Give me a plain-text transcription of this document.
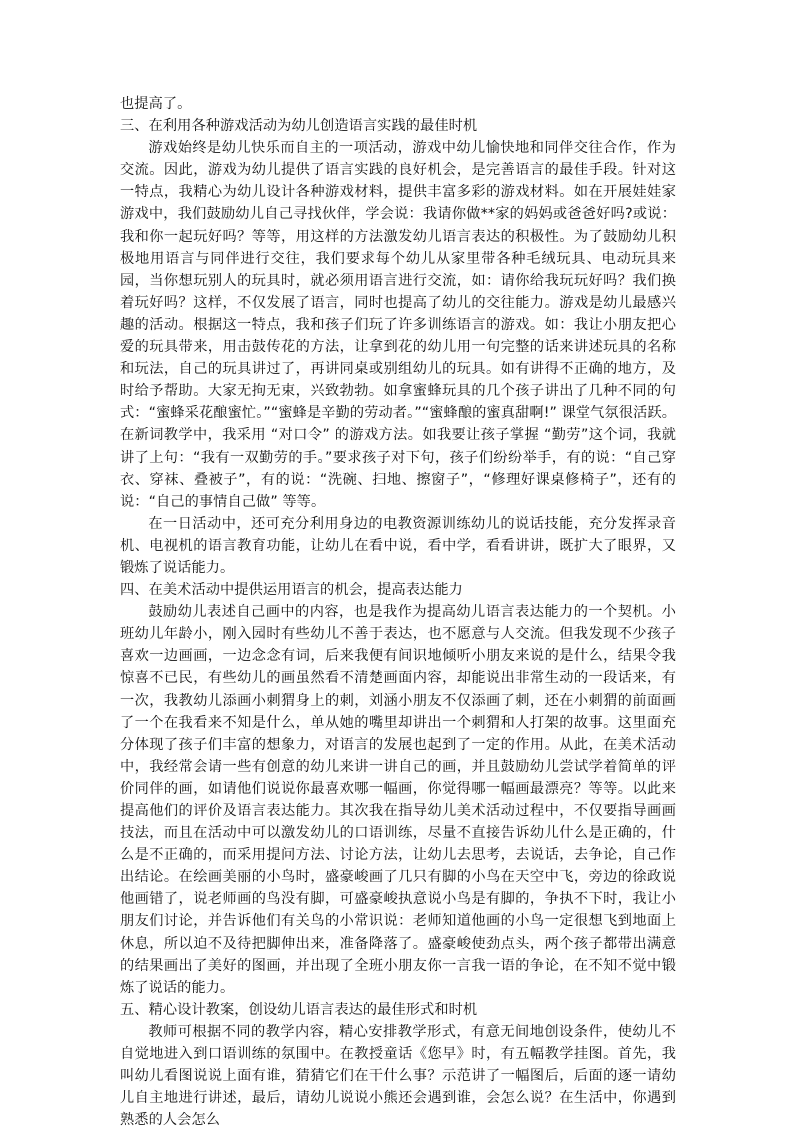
也提高了。

三、在利用各种游戏活动为幼儿创造语言实践的最佳时机

游戏始终是幼儿快乐而自主的一项活动，游戏中幼儿愉快地和同伴交往合作，作为交流。因此，游戏为幼儿提供了语言实践的良好机会，是完善语言的最佳手段。针对这一特点，我精心为幼儿设计各种游戏材料，提供丰富多彩的游戏材料。如在开展娃娃家游戏中，我们鼓励幼儿自己寻找伙伴，学会说：我请你做**家的妈妈或爸爸好吗?或说：我和你一起玩好吗？等等，用这样的方法激发幼儿语言表达的积极性。为了鼓励幼儿积极地用语言与同伴进行交往，我们要求每个幼儿从家里带各种毛绒玩具、电动玩具来园，当你想玩别人的玩具时，就必须用语言进行交流，如：请你给我玩玩好吗？我们换着玩好吗？这样，不仅发展了语言，同时也提高了幼儿的交往能力。游戏是幼儿最感兴趣的活动。根据这一特点，我和孩子们玩了许多训练语言的游戏。如：我让小朋友把心爱的玩具带来，用击鼓传花的方法，让拿到花的幼儿用一句完整的话来讲述玩具的名称和玩法，自己的玩具讲过了，再讲同桌或别组幼儿的玩具。如有讲得不正确的地方，及时给予帮助。大家无拘无束，兴致勃勃。如拿蜜蜂玩具的几个孩子讲出了几种不同的句式：“蜜蜂采花酿蜜忙。”“蜜蜂是辛勤的劳动者。”“蜜蜂酿的蜜真甜啊!” 课堂气氛很活跃。在新词教学中，我采用 “对口令” 的游戏方法。如我要让孩子掌握 “勤劳”这个词，我就讲了上句：“我有一双勤劳的手。”要求孩子对下句，孩子们纷纷举手，有的说：“自己穿衣、穿袜、叠被子”，有的说：“洗碗、扫地、擦窗子”，“修理好课桌修椅子”，还有的说：“自己的事情自己做” 等等。

在一日活动中，还可充分利用身边的电教资源训练幼儿的说话技能，充分发挥录音机、电视机的语言教育功能，让幼儿在看中说，看中学，看看讲讲，既扩大了眼界，又锻炼了说话能力。

四、在美术活动中提供运用语言的机会，提高表达能力

鼓励幼儿表述自己画中的内容，也是我作为提高幼儿语言表达能力的一个契机。小班幼儿年龄小，刚入园时有些幼儿不善于表达，也不愿意与人交流。但我发现不少孩子喜欢一边画画，一边念念有词，后来我便有间识地倾听小朋友来说的是什么，结果令我惊喜不已民，有些幼儿的画虽然看不清楚画面内容，却能说出非常生动的一段话来，有一次，我教幼儿添画小刺猬身上的刺，刘涵小朋友不仅添画了刺，还在小刺猬的前面画了一个在我看来不知是什么，单从她的嘴里却讲出一个刺猬和人打架的故事。这里面充分体现了孩子们丰富的想象力，对语言的发展也起到了一定的作用。从此，在美术活动中，我经常会请一些有创意的幼儿来讲一讲自己的画，并且鼓励幼儿尝试学着简单的评价同伴的画，如请他们说说你最喜欢哪一幅画，你觉得哪一幅画最漂亮？等等。以此来提高他们的评价及语言表达能力。其次我在指导幼儿美术活动过程中，不仅要指导画画技法，而且在活动中可以激发幼儿的口语训练，尽量不直接告诉幼儿什么是正确的，什么是不正确的，而采用提问方法、讨论方法，让幼儿去思考，去说话，去争论，自己作出结论。在绘画美丽的小鸟时，盛豪峻画了几只有脚的小鸟在天空中飞，旁边的徐政说他画错了，说老师画的鸟没有脚，可盛豪峻执意说小鸟是有脚的，争执不下时，我让小朋友们讨论，并告诉他们有关鸟的小常识说：老师知道他画的小鸟一定很想飞到地面上休息，所以迫不及待把脚伸出来，准备降落了。盛豪峻使劲点头，两个孩子都带出满意的结果画出了美好的图画，并出现了全班小朋友你一言我一语的争论，在不知不觉中锻炼了说话的能力。

五、精心设计教案，创设幼儿语言表达的最佳形式和时机

教师可根据不同的教学内容，精心安排教学形式，有意无间地创设条件，使幼儿不自觉地进入到口语训练的氛围中。在教授童话《您早》时，有五幅教学挂图。首先，我叫幼儿看图说说上面有谁，猜猜它们在干什么事？示范讲了一幅图后，后面的逐一请幼儿自主地进行讲述，最后，请幼儿说说小熊还会遇到谁，会怎么说？在生活中，你遇到熟悉的人会怎么
